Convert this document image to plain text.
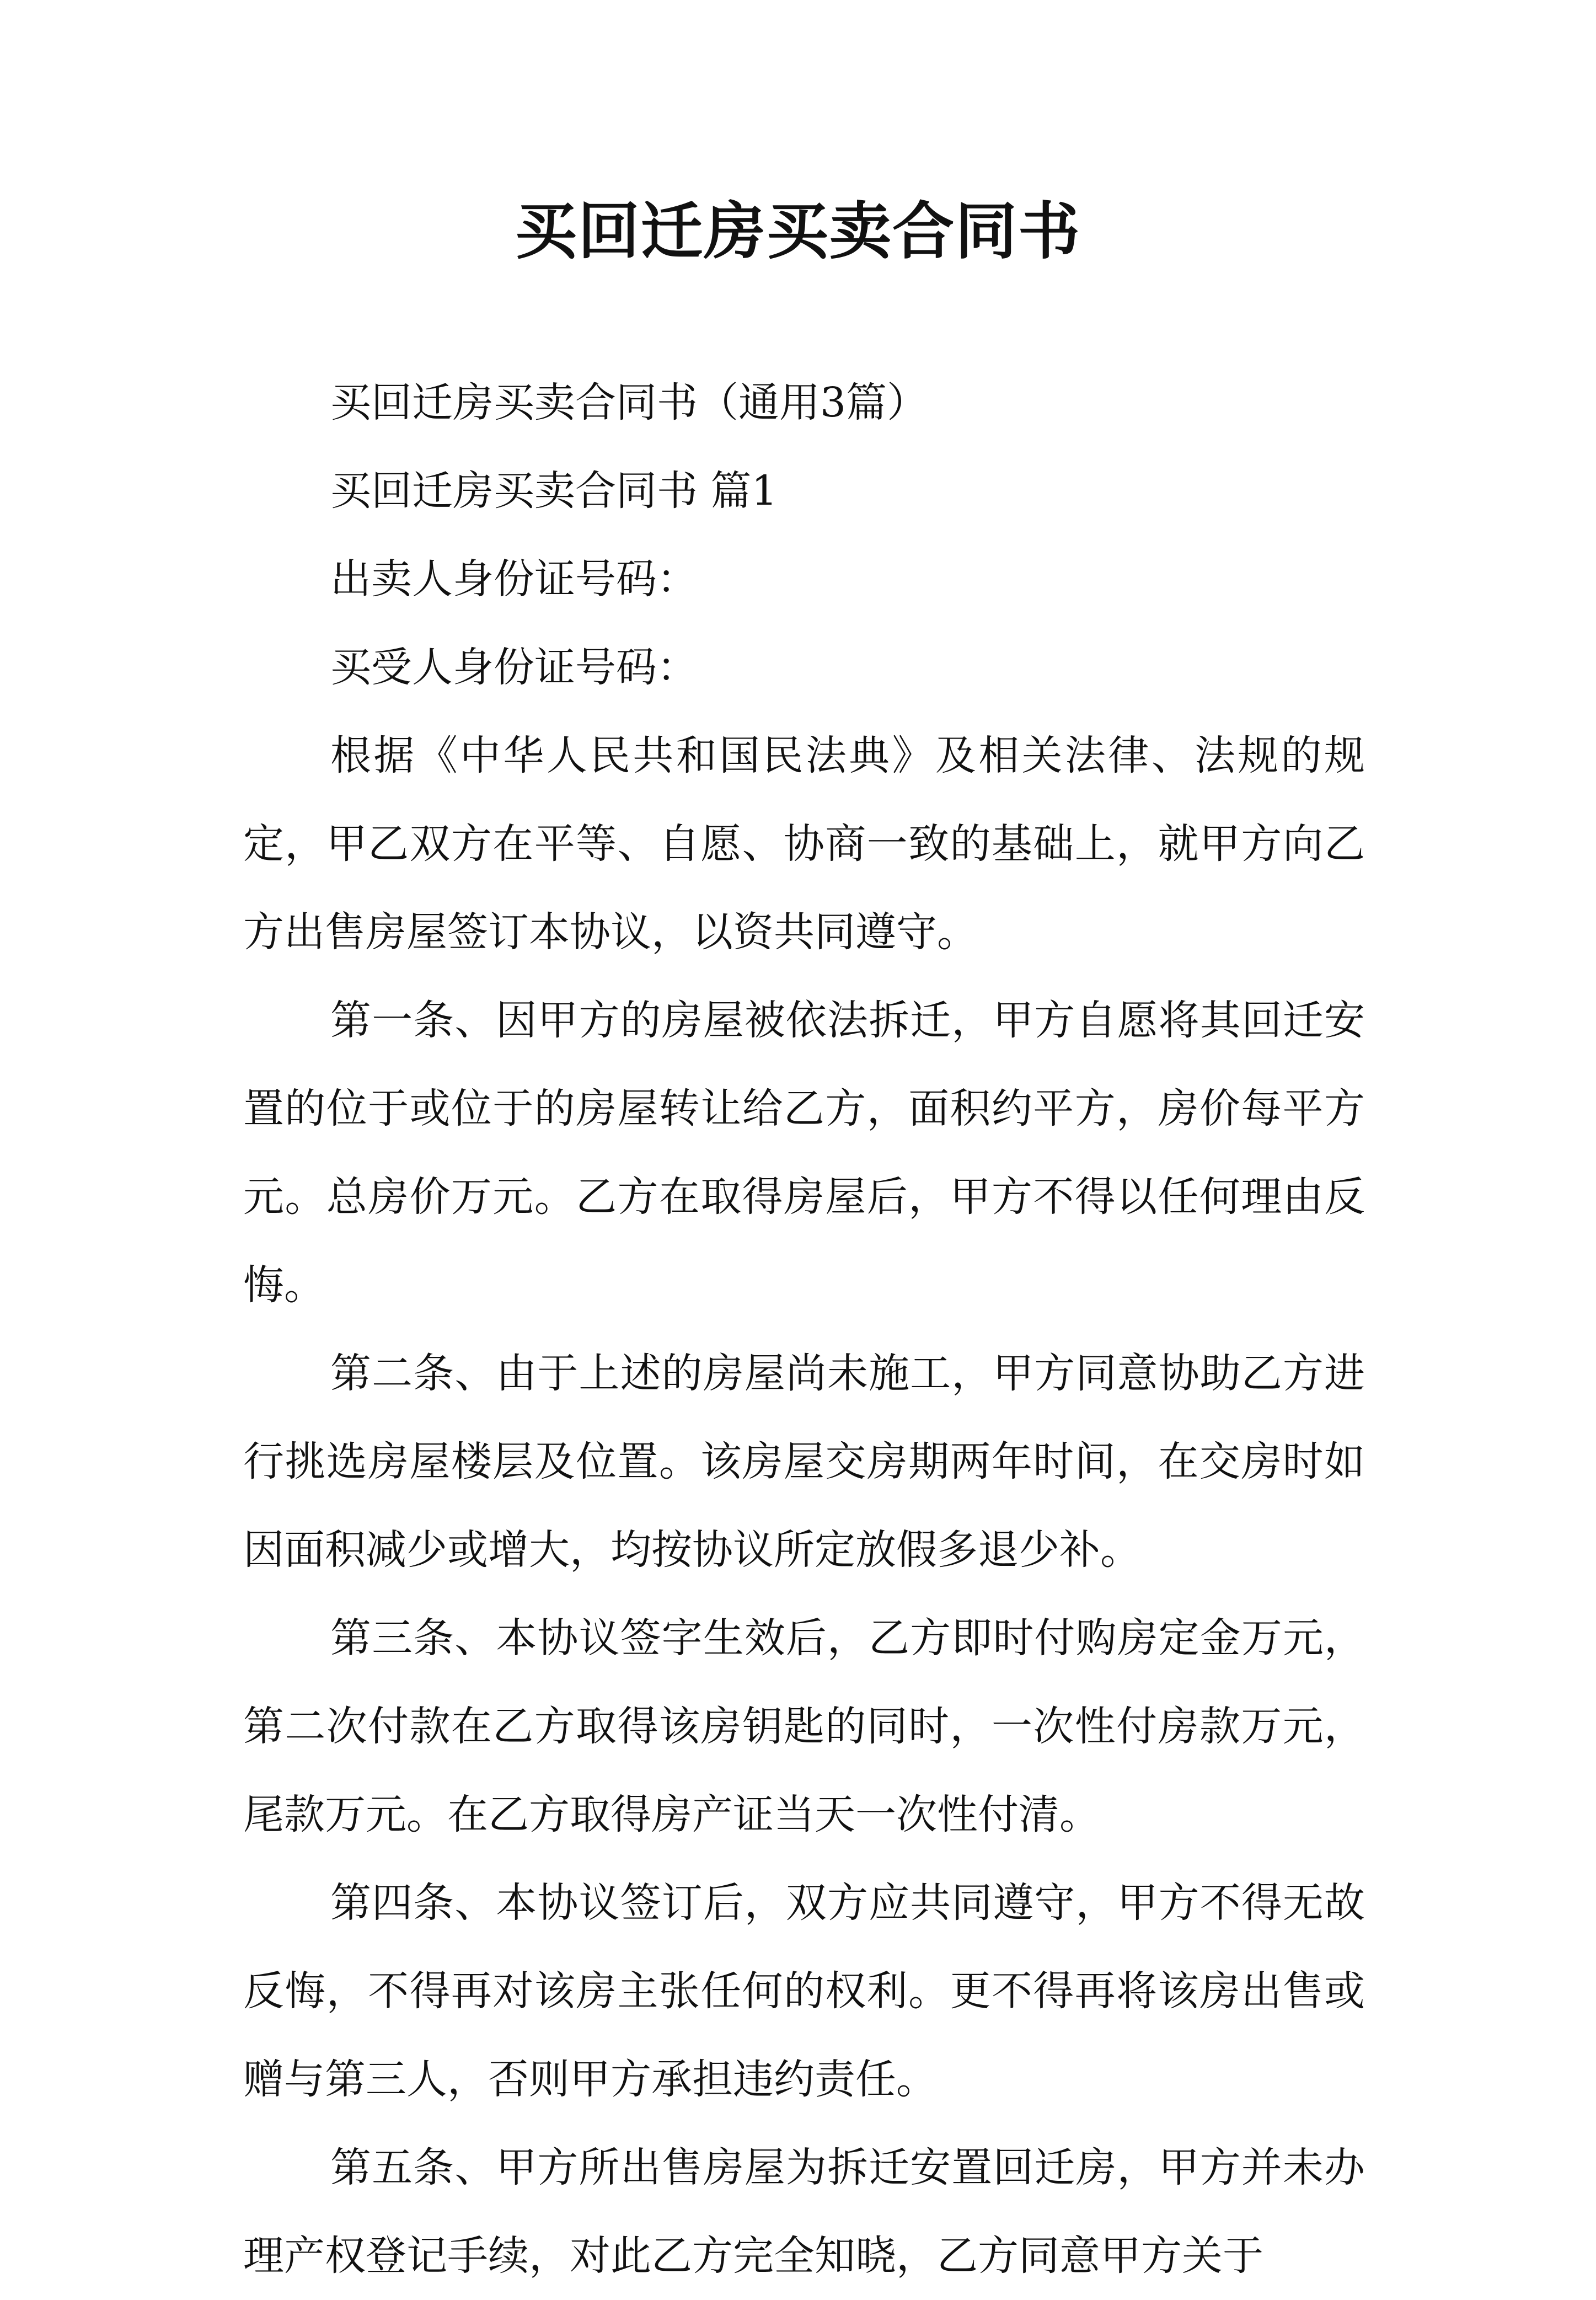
买回迁房买卖合同书

买回迁房买卖合同书（通用3篇）

买回迁房买卖合同书 篇1

出卖人身份证号码：

买受人身份证号码：

根据《中华人民共和国民法典》及相关法律、法规的规定，甲乙双方在平等、自愿、协商一致的基础上，就甲方向乙方出售房屋签订本协议，以资共同遵守。

第一条、因甲方的房屋被依法拆迁，甲方自愿将其回迁安置的位于或位于的房屋转让给乙方，面积约平方，房价每平方元。总房价万元。乙方在取得房屋后，甲方不得以任何理由反悔。

第二条、由于上述的房屋尚未施工，甲方同意协助乙方进行挑选房屋楼层及位置。该房屋交房期两年时间，在交房时如因面积减少或增大，均按协议所定放假多退少补。

第三条、本协议签字生效后，乙方即时付购房定金万元，第二次付款在乙方取得该房钥匙的同时，一次性付房款万元，尾款万元。在乙方取得房产证当天一次性付清。

第四条、本协议签订后，双方应共同遵守，甲方不得无故反悔，不得再对该房主张任何的权利。更不得再将该房出售或赠与第三人，否则甲方承担违约责任。

第五条、甲方所出售房屋为拆迁安置回迁房，甲方并未办理产权登记手续，对此乙方完全知晓，乙方同意甲方关于
